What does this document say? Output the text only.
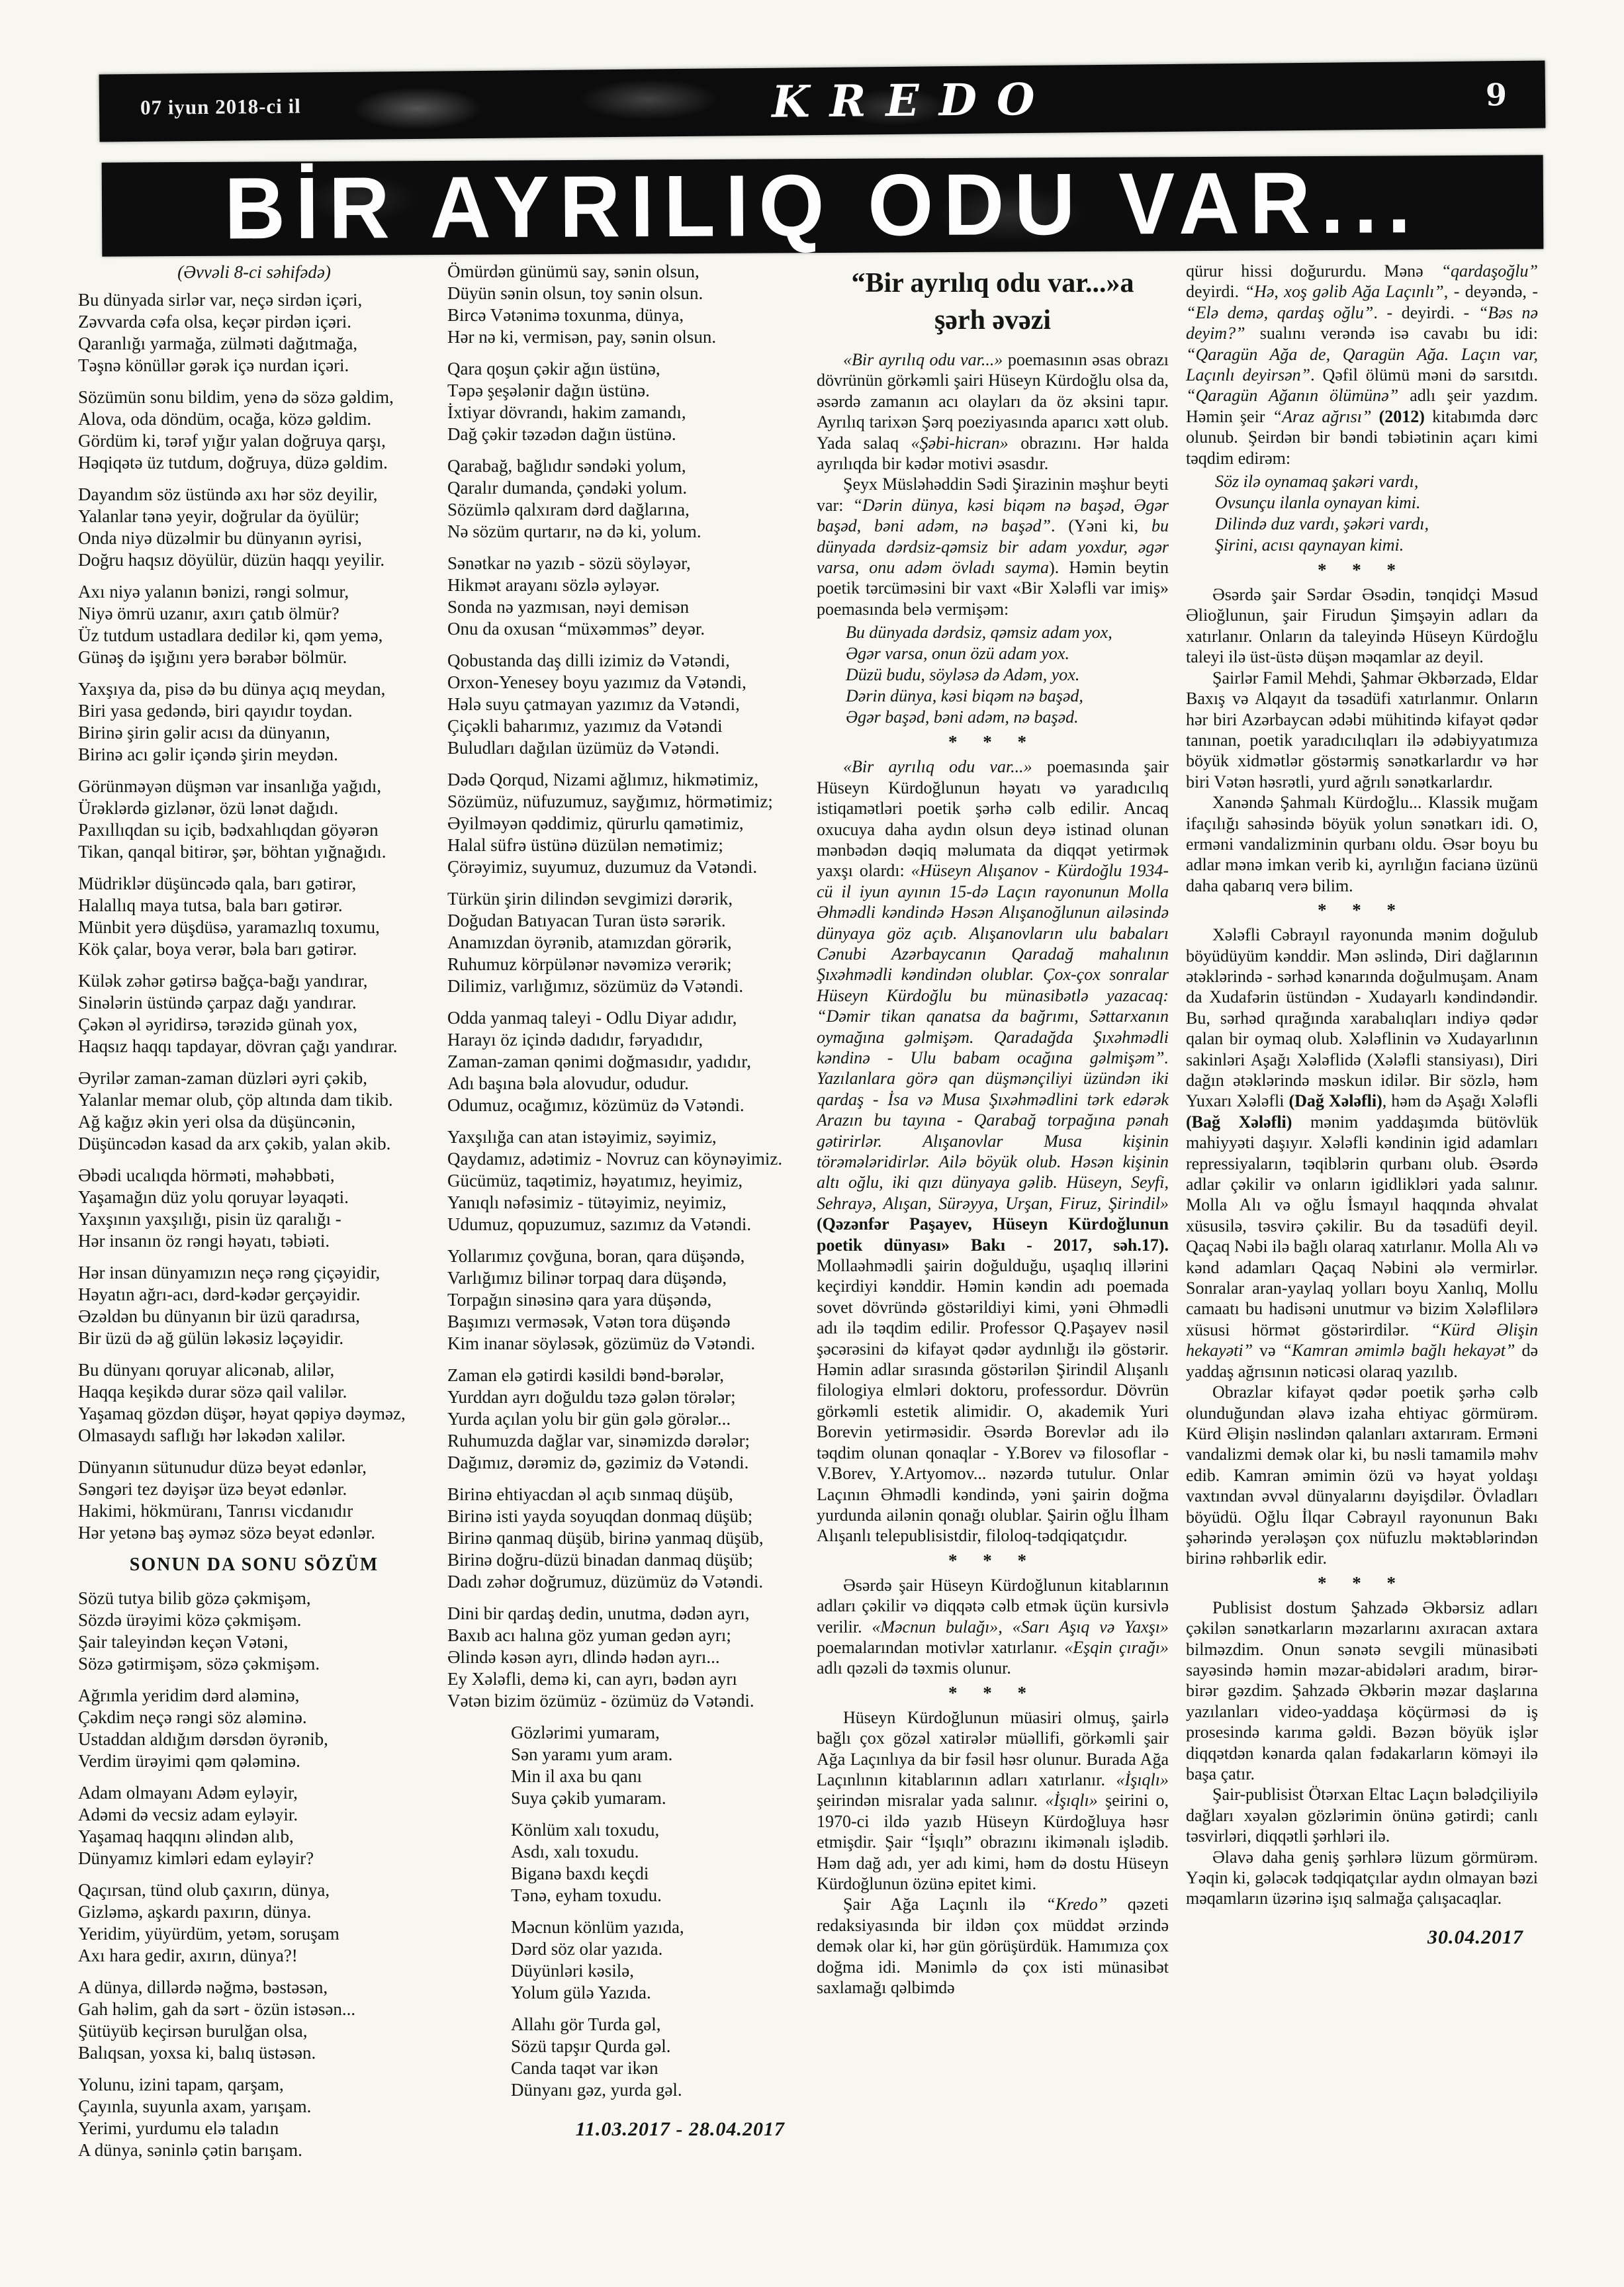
07 iyun 2018-ci il	KREDO	9
BİR AYRILIQ ODU VAR...
(Əvvəli 8-ci səhifədə)
Bu dünyada sirlər var, neçə sirdən içəri,
Zəvvarda cəfa olsa, keçər pirdən içəri.
Qaranlığı yarmağa, zülməti dağıtmağa,
Təşnə könüllər gərək içə nurdan içəri.
Sözümün sonu bildim, yenə də sözə gəldim,
Alova, oda döndüm, ocağa, közə gəldim.
Gördüm ki, tərəf yığır yalan doğruya qarşı,
Həqiqətə üz tutdum, doğruya, düzə gəldim.
Dayandım söz üstündə axı hər söz deyilir,
Yalanlar tənə yeyir, doğrular da öyülür;
Onda niyə düzəlmir bu dünyanın əyrisi,
Doğru haqsız döyülür, düzün haqqı yeyilir.
Axı niyə yalanın bənizi, rəngi solmur,
Niyə ömrü uzanır, axırı çatıb ölmür?
Üz tutdum ustadlara dedilər ki, qəm yemə,
Günəş də işığını yerə bərabər bölmür.
Yaxşıya da, pisə də bu dünya açıq meydan,
Biri yasa gedəndə, biri qayıdır toydan.
Birinə şirin gəlir acısı da dünyanın,
Birinə acı gəlir içəndə şirin meydən.
Görünməyən düşmən var insanlığa yağıdı,
Ürəklərdə gizlənər, özü lənət dağıdı.
Paxıllıqdan su içib, bədxahlıqdan göyərən
Tikan, qanqal bitirər, şər, böhtan yığnağıdı.
Müdriklər düşüncədə qala, barı gətirər,
Halallıq maya tutsa, bala barı gətirər.
Münbit yerə düşdüsə, yaramazlıq toxumu,
Kök çalar, boya verər, bəla barı gətirər.
Külək zəhər gətirsə bağça-bağı yandırar,
Sinələrin üstündə çarpaz dağı yandırar.
Çəkən əl əyridirsə, tərəzidə günah yox,
Haqsız haqqı tapdayar, dövran çağı yandırar.
Əyrilər zaman-zaman düzləri əyri çəkib,
Yalanlar memar olub, çöp altında dam tikib.
Ağ kağız əkin yeri olsa da düşüncənin,
Düşüncədən kasad da arx çəkib, yalan əkib.
Əbədi ucalıqda hörməti, məhəbbəti,
Yaşamağın düz yolu qoruyar ləyaqəti.
Yaxşının yaxşılığı, pisin üz qaralığı -
Hər insanın öz rəngi həyatı, təbiəti.
Hər insan dünyamızın neçə rəng çiçəyidir,
Həyatın ağrı-acı, dərd-kədər gerçəyidir.
Əzəldən bu dünyanın bir üzü qaradırsa,
Bir üzü də ağ gülün ləkəsiz ləçəyidir.
Bu dünyanı qoruyar alicənab, alilər,
Haqqa keşikdə durar sözə qail valilər.
Yaşamaq gözdən düşər, həyat qəpiyə dəyməz,
Olmasaydı saflığı hər ləkədən xalilər.
Dünyanın sütunudur düzə beyət edənlər,
Səngəri tez dəyişər üzə beyət edənlər.
Hakimi, hökmüranı, Tanrısı vicdanıdır
Hər yetənə baş əyməz sözə beyət edənlər.
SONUN DA SONU SÖZÜM
Sözü tutya bilib gözə çəkmişəm,
Sözdə ürəyimi közə çəkmişəm.
Şair taleyindən keçən Vətəni,
Sözə gətirmişəm, sözə çəkmişəm.
Ağrımla yeridim dərd aləminə,
Çəkdim neçə rəngi söz aləminə.
Ustaddan aldığım dərsdən öyrənib,
Verdim ürəyimi qəm qələminə.
Adam olmayanı Adəm eyləyir,
Adəmi də vecsiz adam eyləyir.
Yaşamaq haqqını əlindən alıb,
Dünyamız kimləri edam eyləyir?
Qaçırsan, tünd olub çaxırın, dünya,
Gizləmə, aşkardı paxırın, dünya.
Yeridim, yüyürdüm, yetəm, soruşam
Axı hara gedir, axırın, dünya?!
A dünya, dillərdə nəğmə, bəstəsən,
Gah həlim, gah da sərt - özün istəsən...
Şütüyüb keçirsən burulğan olsa,
Balıqsan, yoxsa ki, balıq üstəsən.
Yolunu, izini tapam, qarşam,
Çayınla, suyunla axam, yarışam.
Yerimi, yurdumu elə taladın
A dünya, səninlə çətin barışam.
Ömürdən günümü say, sənin olsun,
Düyün sənin olsun, toy sənin olsun.
Bircə Vətənimə toxunma, dünya,
Hər nə ki, vermisən, pay, sənin olsun.
Qara qoşun çəkir ağın üstünə,
Təpə şeşələnir dağın üstünə.
İxtiyar dövrandı, hakim zamandı,
Dağ çəkir təzədən dağın üstünə.
Qarabağ, bağlıdır səndəki yolum,
Qaralır dumanda, çəndəki yolum.
Sözümlə qalxıram dərd dağlarına,
Nə sözüm qurtarır, nə də ki, yolum.
Sənətkar nə yazıb - sözü söyləyər,
Hikmət arayanı sözlə əyləyər.
Sonda nə yazmısan, nəyi demisən
Onu da oxusan “müxəmməs” deyər.
Qobustanda daş dilli izimiz də Vətəndi,
Orxon-Yenesey boyu yazımız da Vətəndi,
Hələ suyu çatmayan yazımız da Vətəndi,
Çiçəkli baharımız, yazımız da Vətəndi
Buludları dağılan üzümüz də Vətəndi.
Dədə Qorqud, Nizami ağlımız, hikmətimiz,
Sözümüz, nüfuzumuz, sayğımız, hörmətimiz;
Əyilməyən qəddimiz, qürurlu qamətimiz,
Halal süfrə üstünə düzülən nemətimiz;
Çörəyimiz, suyumuz, duzumuz da Vətəndi.
Türkün şirin dilindən sevgimizi dərərik,
Doğudan Batıyacan Turan üstə sərərik.
Anamızdan öyrənib, atamızdan görərik,
Ruhumuz körpülənər nəvəmizə verərik;
Dilimiz, varlığımız, sözümüz də Vətəndi.
Odda yanmaq taleyi - Odlu Diyar adıdır,
Harayı öz içində dadıdır, fəryadıdır,
Zaman-zaman qənimi doğmasıdır, yadıdır,
Adı başına bəla alovudur, odudur.
Odumuz, ocağımız, közümüz də Vətəndi.
Yaxşılığa can atan istəyimiz, səyimiz,
Qaydamız, adətimiz - Novruz can köynəyimiz.
Gücümüz, taqətimiz, həyatımız, heyimiz,
Yanıqlı nəfəsimiz - tütəyimiz, neyimiz,
Udumuz, qopuzumuz, sazımız da Vətəndi.
Yollarımız çovğuna, boran, qara düşəndə,
Varlığımız bilinər torpaq dara düşəndə,
Torpağın sinəsinə qara yara düşəndə,
Başımızı verməsək, Vətən tora düşəndə
Kim inanar söyləsək, gözümüz də Vətəndi.
Zaman elə gətirdi kəsildi bənd-bərələr,
Yurddan ayrı doğuldu təzə gələn törələr;
Yurda açılan yolu bir gün gələ görələr...
Ruhumuzda dağlar var, sinəmizdə dərələr;
Dağımız, dərəmiz də, gəzimiz də Vətəndi.
Birinə ehtiyacdan əl açıb sınmaq düşüb,
Birinə isti yayda soyuqdan donmaq düşüb;
Birinə qanmaq düşüb, birinə yanmaq düşüb,
Birinə doğru-düzü binadan danmaq düşüb;
Dadı zəhər doğrumuz, düzümüz də Vətəndi.
Dini bir qardaş dedin, unutma, dədən ayrı,
Baxıb acı halına göz yuman gedən ayrı;
Əlində kəsən ayrı, dlində hədən ayrı...
Ey Xələfli, demə ki, can ayrı, bədən ayrı
Vətən bizim özümüz - özümüz də Vətəndi.
Gözlərimi yumaram,
Sən yaramı yum aram.
Min il axa bu qanı
Suya çəkib yumaram.
Könlüm xalı toxudu,
Asdı, xalı toxudu.
Biganə baxdı keçdi
Tənə, eyham toxudu.
Məcnun könlüm yazıda,
Dərd söz olar yazıda.
Düyünləri kəsilə,
Yolum gülə Yazıda.
Allahı gör Turda gəl,
Sözü tapşır Qurda gəl.
Canda taqət var ikən
Dünyanı gəz, yurda gəl.
11.03.2017 - 28.04.2017
“Bir ayrılıq odu var...»a
şərh əvəzi

«Bir ayrılıq odu var...» poemasının əsas obrazı dövrünün görkəmli şairi Hüseyn Kürdoğlu olsa da, əsərdə zamanın acı olayları da öz əksini tapır. Ayrılıq tarixən Şərq poeziyasında aparıcı xətt olub. Yada salaq «Şəbi-hicran» obrazını. Hər halda ayrılıqda bir kədər motivi əsasdır.

Şeyx Müsləhəddin Sədi Şirazinin məşhur beyti var: “Dərin dünya, kəsi biqəm nə başəd, Əgər başəd, bəni adəm, nə başəd”. (Yəni ki, bu dünyada dərdsiz-qəmsiz bir adam yoxdur, əgər varsa, onu adəm övladı sayma). Həmin beytin poetik tərcüməsini bir vaxt «Bir Xələfli var imiş» poemasında belə vermişəm:

Bu dünyada dərdsiz, qəmsiz adam yox,
Əgər varsa, onun özü adam yox.
Düzü budu, söyləsə də Adəm, yox.
Dərin dünya, kəsi biqəm nə başəd,
Əgər başəd, bəni adəm, nə başəd.
* * *

«Bir ayrılıq odu var...» poemasında şair Hüseyn Kürdoğlunun həyatı və yaradıcılıq istiqamətləri poetik şərhə cəlb edilir. Ancaq oxucuya daha aydın olsun deyə istinad olunan mənbədən dəqiq məlumata da diqqət yetirmək yaxşı olardı: «Hüseyn Alışanov - Kürdoğlu 1934-cü il iyun ayının 15-də Laçın rayonunun Molla Əhmədli kəndində Həsən Alışanoğlunun ailəsində dünyaya göz açıb. Alışanovların ulu babaları Cənubi Azərbaycanın Qaradağ mahalının Şıxəhmədli kəndindən olublar. Çox-çox sonralar Hüseyn Kürdoğlu bu münasibətlə yazacaq: “Dəmir tikan qanatsa da bağrımı, Səttarxanın oymağına gəlmişəm. Qaradağda Şıxəhmədli kəndinə - Ulu babam ocağına gəlmişəm”. Yazılanlara görə qan düşmənçiliyi üzündən iki qardaş - İsa və Musa Şıxəhmədlini tərk edərək Arazın bu tayına - Qarabağ torpağına pənah gətirirlər. Alışanovlar Musa kişinin törəmələridirlər. Ailə böyük olub. Həsən kişinin altı oğlu, iki qızı dünyaya gəlib. Hüseyn, Seyfi, Sehrayə, Alışan, Sürəyya, Urşan, Firuz, Şirindil» (Qəzənfər Paşayev, Hüseyn Kürdoğlunun poetik dünyası» Bakı - 2017, səh.17). Mollaəhmədli şairin doğulduğu, uşaqlıq illərini keçirdiyi kənddir. Həmin kəndin adı poemada sovet dövründə göstərildiyi kimi, yəni Əhmədli adı ilə təqdim edilir. Professor Q.Paşayev nəsil şəcərəsini də kifayət qədər aydınlığı ilə göstərir. Həmin adlar sırasında göstərilən Şirindil Alışanlı filologiya elmləri doktoru, professordur. Dövrün görkəmli estetik alimidir. O, akademik Yuri Borevin yetirməsidir. Əsərdə Borevlər adı ilə təqdim olunan qonaqlar - Y.Borev və filosoflar - V.Borev, Y.Artyomov... nəzərdə tutulur. Onlar Laçının Əhmədli kəndində, yəni şairin doğma yurdunda ailənin qonağı olublar. Şairin oğlu İlham Alışanlı telepublisistdir, filoloq-tədqiqatçıdır.

* * *

Əsərdə şair Hüseyn Kürdoğlunun kitablarının adları çəkilir və diqqətə cəlb etmək üçün kursivlə verilir. «Məcnun bulağı», «Sarı Aşıq və Yaxşı» poemalarından motivlər xatırlanır. «Eşqin çırağı» adlı qəzəli də təxmis olunur.

* * *

Hüseyn Kürdoğlunun müasiri olmuş, şairlə bağlı çox gözəl xatirələr müəllifi, görkəmli şair Ağa Laçınlıya da bir fəsil həsr olunur. Burada Ağa Laçınlının kitablarının adları xatırlanır. «İşıqlı» şeirindən misralar yada salınır. «İşıqlı» şeirini o, 1970-ci ildə yazıb Hüseyn Kürdoğluya həsr etmişdir. Şair “İşıqlı” obrazını ikimənalı işlədib. Həm dağ adı, yer adı kimi, həm də dostu Hüseyn Kürdoğlunun özünə epitet kimi.

Şair Ağa Laçınlı ilə “Kredo” qəzeti redaksiyasında bir ildən çox müddət ərzində demək olar ki, hər gün görüşürdük. Hamımıza çox doğma idi. Mənimlə də çox isti münasibət saxlamağı qəlbimdə

qürur hissi doğururdu. Mənə “qardaşoğlu” deyirdi. “Hə, xoş gəlib Ağa Laçınlı”, - deyəndə, - “Elə demə, qardaş oğlu”. - deyirdi. - “Bəs nə deyim?” sualını verəndə isə cavabı bu idi: “Qaragün Ağa de, Qaragün Ağa. Laçın var, Laçınlı deyirsən”. Qəfil ölümü məni də sarsıtdı. “Qaragün Ağanın ölümünə” adlı şeir yazdım. Həmin şeir “Araz ağrısı” (2012) kitabımda dərc olunub. Şeirdən bir bəndi təbiətinin açarı kimi təqdim edirəm:

Söz ilə oynamaq şakəri vardı,
Ovsunçu ilanla oynayan kimi.
Dilində duz vardı, şəkəri vardı,
Şirini, acısı qaynayan kimi.
* * *

Əsərdə şair Sərdar Əsədin, tənqidçi Məsud Əlioğlunun, şair Firudun Şimşəyin adları da xatırlanır. Onların da taleyində Hüseyn Kürdoğlu taleyi ilə üst-üstə düşən məqamlar az deyil.

Şairlər Famil Mehdi, Şahmar Əkbərzadə, Eldar Baxış və Alqayıt da təsadüfi xatırlanmır. Onların hər biri Azərbaycan ədəbi mühitində kifayət qədər tanınan, poetik yaradıcılıqları ilə ədəbiyyatımıza böyük xidmətlər göstərmiş sənətkarlardır və hər biri Vətən həsrətli, yurd ağrılı sənətkarlardır.

Xanəndə Şahmalı Kürdoğlu... Klassik muğam ifaçılığı sahəsində böyük yolun sənətkarı idi. O, erməni vandalizminin qurbanı oldu. Əsər boyu bu adlar mənə imkan verib ki, ayrılığın facianə üzünü daha qabarıq verə bilim.

* * *

Xələfli Cəbrayıl rayonunda mənim doğulub böyüdüyüm kənddir. Mən əslində, Diri dağlarının ətəklərində - sərhəd kənarında doğulmuşam. Anam da Xudafərin üstündən - Xudayarlı kəndindəndir. Bu, sərhəd qırağında xarabalıqları indiyə qədər qalan bir oymaq olub. Xələflinin və Xudayarlının sakinləri Aşağı Xələflidə (Xələfli stansiyası), Diri dağın ətəklərində məskun idilər. Bir sözlə, həm Yuxarı Xələfli (Dağ Xələfli), həm də Aşağı Xələfli (Bağ Xələfli) mənim yaddaşımda bütövlük mahiyyəti daşıyır. Xələfli kəndinin igid adamları repressiyaların, təqiblərin qurbanı olub. Əsərdə adlar çəkilir və onların igidlikləri yada salınır. Molla Alı və oğlu İsmayıl haqqında əhvalat xüsusilə, təsvirə çəkilir. Bu da təsadüfi deyil. Qaçaq Nəbi ilə bağlı olaraq xatırlanır. Molla Alı və kənd adamları Qaçaq Nəbini ələ vermirlər. Sonralar aran-yaylaq yolları boyu Xanlıq, Mollu camaatı bu hadisəni unutmur və bizim Xələflilərə xüsusi hörmət göstərirdilər. “Kürd Əlişin hekayəti” və “Kamran əmimlə bağlı hekayət” də yaddaş ağrısının nəticəsi olaraq yazılıb.

Obrazlar kifayət qədər poetik şərhə cəlb olunduğundan əlavə izaha ehtiyac görmürəm. Kürd Əlişin nəslindən qalanları axtarıram. Erməni vandalizmi demək olar ki, bu nəsli tamamilə məhv edib. Kamran əmimin özü və həyat yoldaşı vaxtından əvvəl dünyalarını dəyişdilər. Övladları böyüdü. Oğlu İlqar Cəbrayıl rayonunun Bakı şəhərində yerələşən çox nüfuzlu məktəblərindən birinə rəhbərlik edir.

* * *

Publisist dostum Şahzadə Əkbərsiz adları çəkilən sənətkarların məzarlarını axıracan axtara bilməzdim. Onun sənətə sevgili münasibəti sayəsində həmin məzar-abidələri aradım, birər-birər gəzdim. Şahzadə Əkbərin məzar daşlarına yazılanları video-yaddaşa köçürməsi də iş prosesində karıma gəldi. Bəzən böyük işlər diqqətdən kənarda qalan fədakarların köməyi ilə başa çatır.

Şair-publisist Ötərxan Eltac Laçın bələdçiliyilə dağları xəyalən gözlərimin önünə gətirdi; canlı təsvirləri, diqqətli şərhləri ilə.

Əlavə daha geniş şərhlərə lüzum görmürəm. Yəqin ki, gələcək tədqiqatçılar aydın olmayan bəzi məqamların üzərinə işıq salmağa çalışacaqlar.

30.04.2017
